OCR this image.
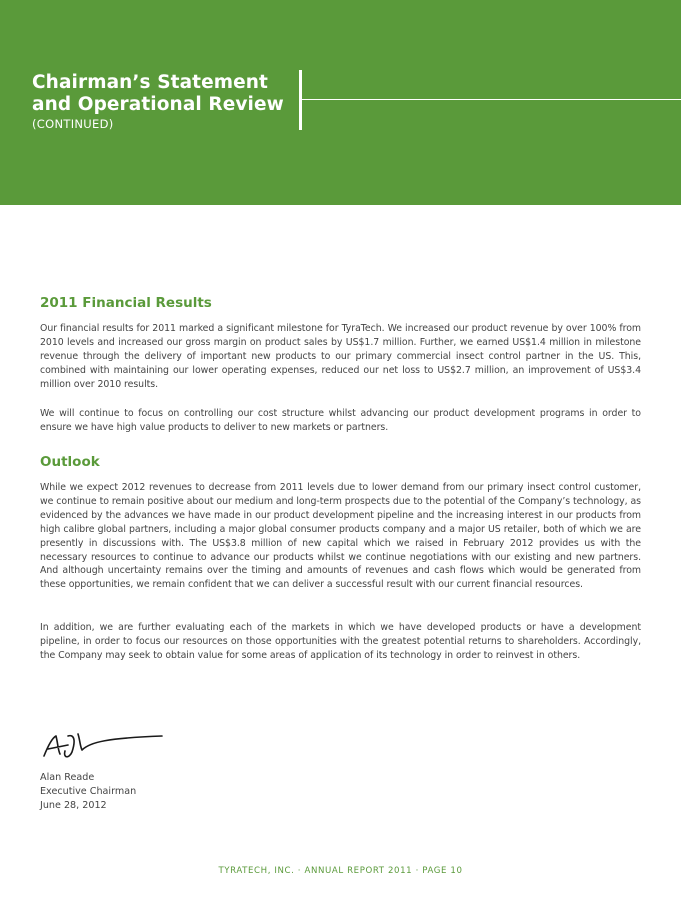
Chairman’s Statement and Operational Review
(CONTINUED)
2011 Financial Results

Our financial results for 2011 marked a significant milestone for TyraTech. We increased our product revenue by over 100% from 2010 levels and increased our gross margin on product sales by US$1.7 million. Further, we earned US$1.4 million in milestone revenue through the delivery of important new products to our primary commercial insect control partner in the US. This, combined with maintaining our lower operating expenses, reduced our net loss to US$2.7 million, an improvement of US$3.4 million over 2010 results.

We will continue to focus on controlling our cost structure whilst advancing our product development programs in order to ensure we have high value products to deliver to new markets or partners.

Outlook

While we expect 2012 revenues to decrease from 2011 levels due to lower demand from our primary insect control customer, we continue to remain positive about our medium and long-term prospects due to the potential of the Company’s technology, as evidenced by the advances we have made in our product development pipeline and the increasing interest in our products from high calibre global partners, including a major global consumer products company and a major US retailer, both of which we are presently in discussions with. The US$3.8 million of new capital which we raised in February 2012 provides us with the necessary resources to continue to advance our products whilst we continue negotiations with our existing and new partners. And although uncertainty remains over the timing and amounts of revenues and cash flows which would be generated from these opportunities, we remain confident that we can deliver a successful result with our current financial resources.

In addition, we are further evaluating each of the markets in which we have developed products or have a development pipeline, in order to focus our resources on those opportunities with the greatest potential returns to shareholders. Accordingly, the Company may seek to obtain value for some areas of application of its technology in order to reinvest in others.

Alan Reade
Executive Chairman
June 28, 2012
TYRATECH, INC. · ANNUAL REPORT 2011 · PAGE 10
